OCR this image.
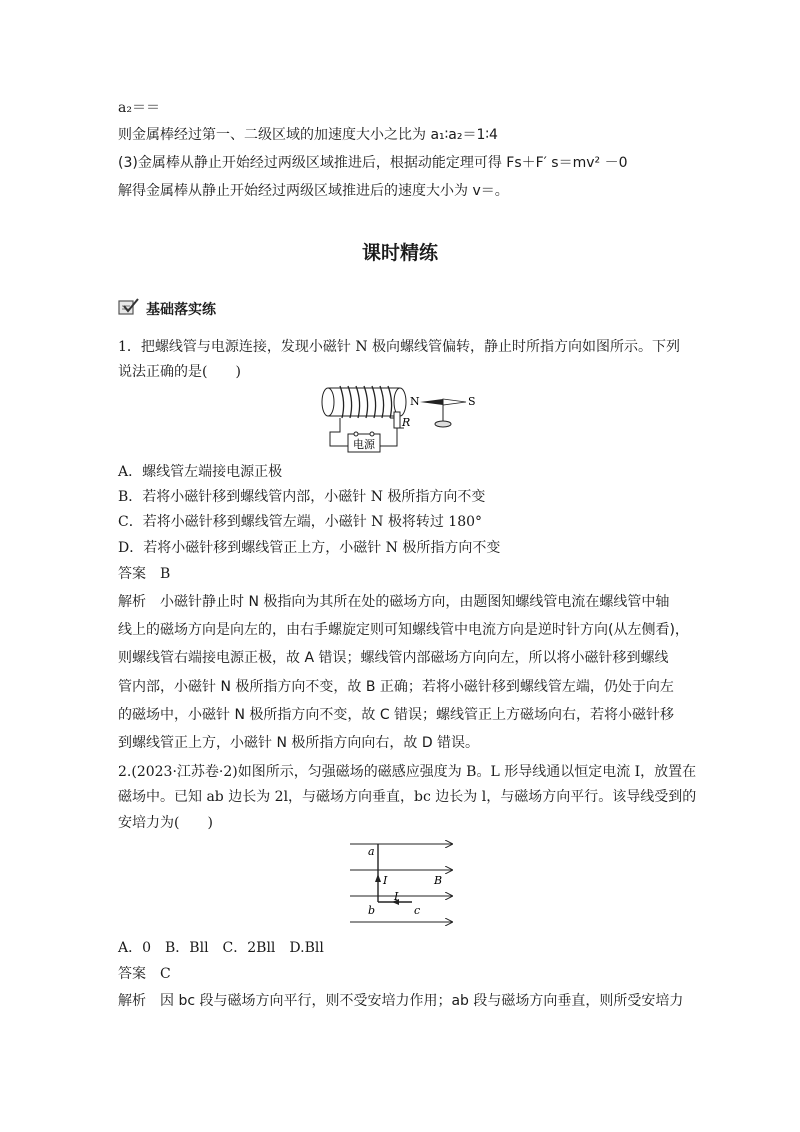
a₂＝＝
则金属棒经过第一、二级区域的加速度大小之比为 a₁∶a₂＝1∶4
(3)金属棒从静止开始经过两级区域推进后，根据动能定理可得 Fs＋F′ s＝mv² －0
解得金属棒从静止开始经过两级区域推进后的速度大小为 v＝。
课时精练
基础落实练
1．把螺线管与电源连接，发现小磁针 N 极向螺线管偏转，静止时所指方向如图所示。下列
说法正确的是(　　)
电源
R
N	S
A．螺线管左端接电源正极
B．若将小磁针移到螺线管内部，小磁针 N 极所指方向不变
C．若将小磁针移到螺线管左端，小磁针 N 极将转过 180°
D．若将小磁针移到螺线管正上方，小磁针 N 极所指方向不变
答案　B
解析　小磁针静止时 N 极指向为其所在处的磁场方向，由题图知螺线管电流在螺线管中轴
线上的磁场方向是向左的，由右手螺旋定则可知螺线管中电流方向是逆时针方向(从左侧看)，
则螺线管右端接电源正极，故 A 错误；螺线管内部磁场方向向左，所以将小磁针移到螺线
管内部，小磁针 N 极所指方向不变，故 B 正确；若将小磁针移到螺线管左端，仍处于向左
的磁场中，小磁针 N 极所指方向不变，故 C 错误；螺线管正上方磁场向右，若将小磁针移
到螺线管正上方，小磁针 N 极所指方向向右，故 D 错误。
2.(2023·江苏卷·2)如图所示，匀强磁场的磁感应强度为 B。L 形导线通以恒定电流 I，放置在
磁场中。已知 ab 边长为 2l，与磁场方向垂直，bc 边长为 l，与磁场方向平行。该导线受到的
安培力为(　　)
a
b	c
I
I
B
A．0　B．Bll　C．2Bll　D.Bll
答案　C
解析　因 bc 段与磁场方向平行，则不受安培力作用；ab 段与磁场方向垂直，则所受安培力
